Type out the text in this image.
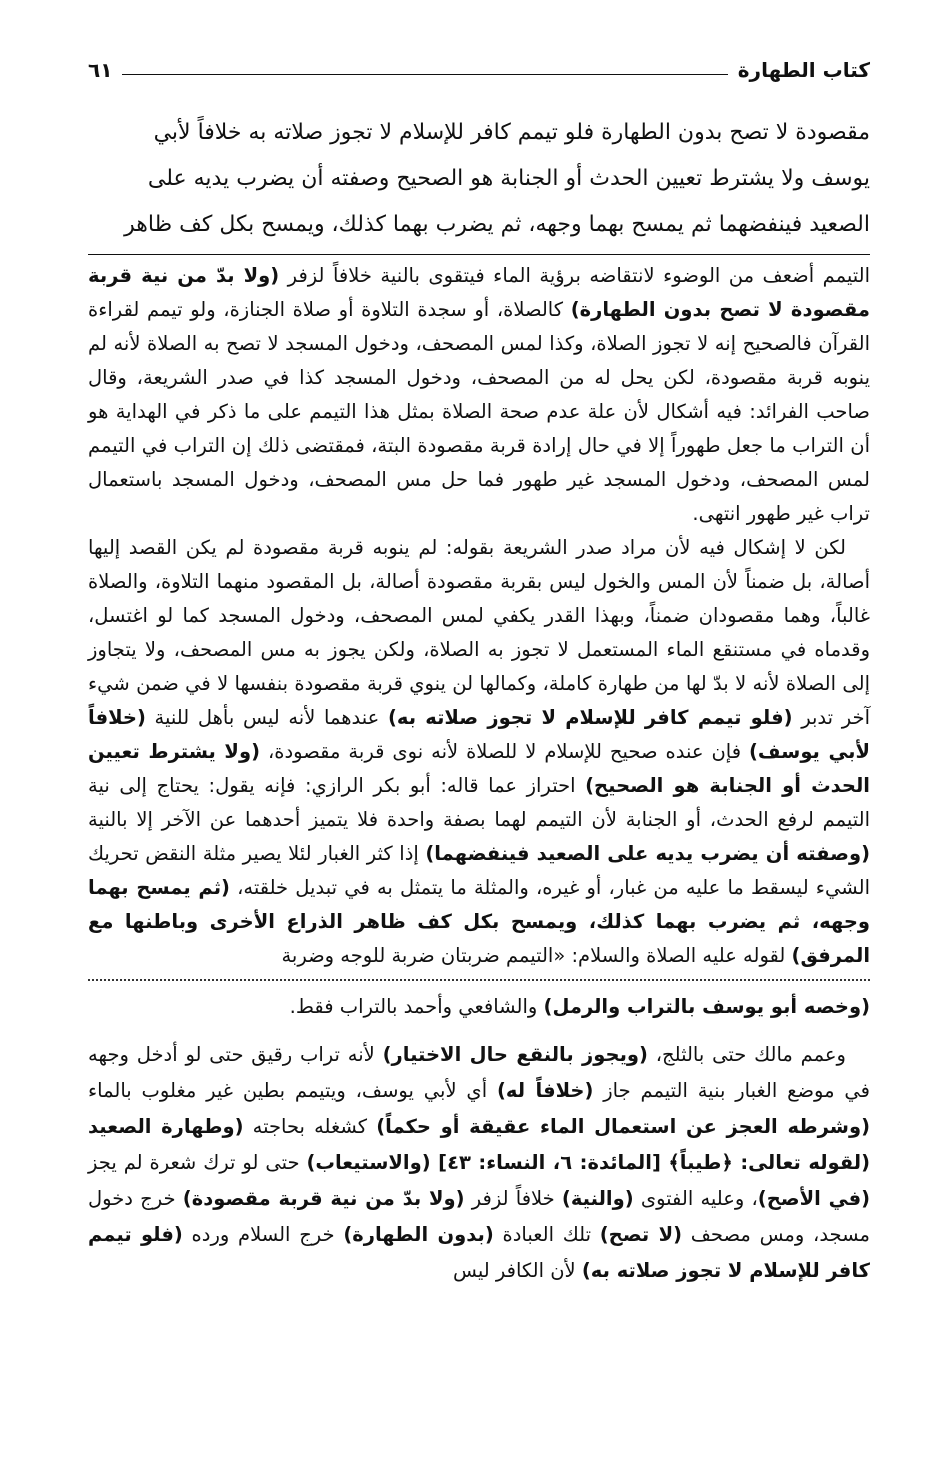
كتاب الطهارة
٦١

مقصودة لا تصح بدون الطهارة فلو تيمم كافر للإسلام لا تجوز صلاته به خلافاً لأبي

يوسف ولا يشترط تعيين الحدث أو الجنابة هو الصحيح وصفته أن يضرب يديه على

الصعيد فينفضهما ثم يمسح بهما وجهه، ثم يضرب بهما كذلك، ويمسح بكل كف ظاهر

التيمم أضعف من الوضوء لانتقاضه برؤية الماء فيتقوى بالنية خلافاً لزفر (ولا بدّ من نية قربة مقصودة لا تصح بدون الطهارة) كالصلاة، أو سجدة التلاوة أو صلاة الجنازة، ولو تيمم لقراءة القرآن فالصحيح إنه لا تجوز الصلاة، وكذا لمس المصحف، ودخول المسجد لا تصح به الصلاة لأنه لم ينوبه قربة مقصودة، لكن يحل له من المصحف، ودخول المسجد كذا في صدر الشريعة، وقال صاحب الفرائد: فيه أشكال لأن علة عدم صحة الصلاة بمثل هذا التيمم على ما ذكر في الهداية هو أن التراب ما جعل طهوراً إلا في حال إرادة قربة مقصودة البتة، فمقتضى ذلك إن التراب في التيمم لمس المصحف، ودخول المسجد غير طهور فما حل مس المصحف، ودخول المسجد باستعمال تراب غير طهور انتهى.

لكن لا إشكال فيه لأن مراد صدر الشريعة بقوله: لم ينوبه قربة مقصودة لم يكن القصد إليها أصالة، بل ضمناً لأن المس والخول ليس بقربة مقصودة أصالة، بل المقصود منهما التلاوة، والصلاة غالباً، وهما مقصودان ضمناً، وبهذا القدر يكفي لمس المصحف، ودخول المسجد كما لو اغتسل، وقدماه في مستنقع الماء المستعمل لا تجوز به الصلاة، ولكن يجوز به مس المصحف، ولا يتجاوز إلى الصلاة لأنه لا بدّ لها من طهارة كاملة، وكمالها لن ينوي قربة مقصودة بنفسها لا في ضمن شيء آخر تدبر (فلو تيمم كافر للإسلام لا تجوز صلاته به) عندهما لأنه ليس بأهل للنية (خلافاً لأبي يوسف) فإن عنده صحيح للإسلام لا للصلاة لأنه نوى قربة مقصودة، (ولا يشترط تعيين الحدث أو الجنابة هو الصحيح) احتراز عما قاله: أبو بكر الرازي: فإنه يقول: يحتاج إلى نية التيمم لرفع الحدث، أو الجنابة لأن التيمم لهما بصفة واحدة فلا يتميز أحدهما عن الآخر إلا بالنية (وصفته أن يضرب يديه على الصعيد فينفضهما) إذا كثر الغبار لئلا يصير مثلة النقض تحريك الشيء ليسقط ما عليه من غبار، أو غيره، والمثلة ما يتمثل به في تبديل خلقته، (ثم يمسح بهما وجهه، ثم يضرب بهما كذلك، ويمسح بكل كف ظاهر الذراع الأخرى وباطنها مع المرفق) لقوله عليه الصلاة والسلام: «التيمم ضربتان ضربة للوجه وضربة

(وخصه أبو يوسف بالتراب والرمل) والشافعي وأحمد بالتراب فقط.

وعمم مالك حتى بالثلج، (ويجوز بالنقع حال الاختيار) لأنه تراب رقيق حتى لو أدخل وجهه في موضع الغبار بنية التيمم جاز (خلافاً له) أي لأبي يوسف، ويتيمم بطين غير مغلوب بالماء (وشرطه العجز عن استعمال الماء عقيقة أو حكماً) كشغله بحاجته (وطهارة الصعيد (لقوله تعالى: ﴿طيباً﴾ [المائدة: ٦، النساء: ٤٣] (والاستيعاب) حتى لو ترك شعرة لم يجز (في الأصح)، وعليه الفتوى (والنية) خلافاً لزفر (ولا بدّ من نية قربة مقصودة) خرج دخول مسجد، ومس مصحف (لا تصح) تلك العبادة (بدون الطهارة) خرج السلام ورده (فلو تيمم كافر للإسلام لا تجوز صلاته به) لأن الكافر ليس
